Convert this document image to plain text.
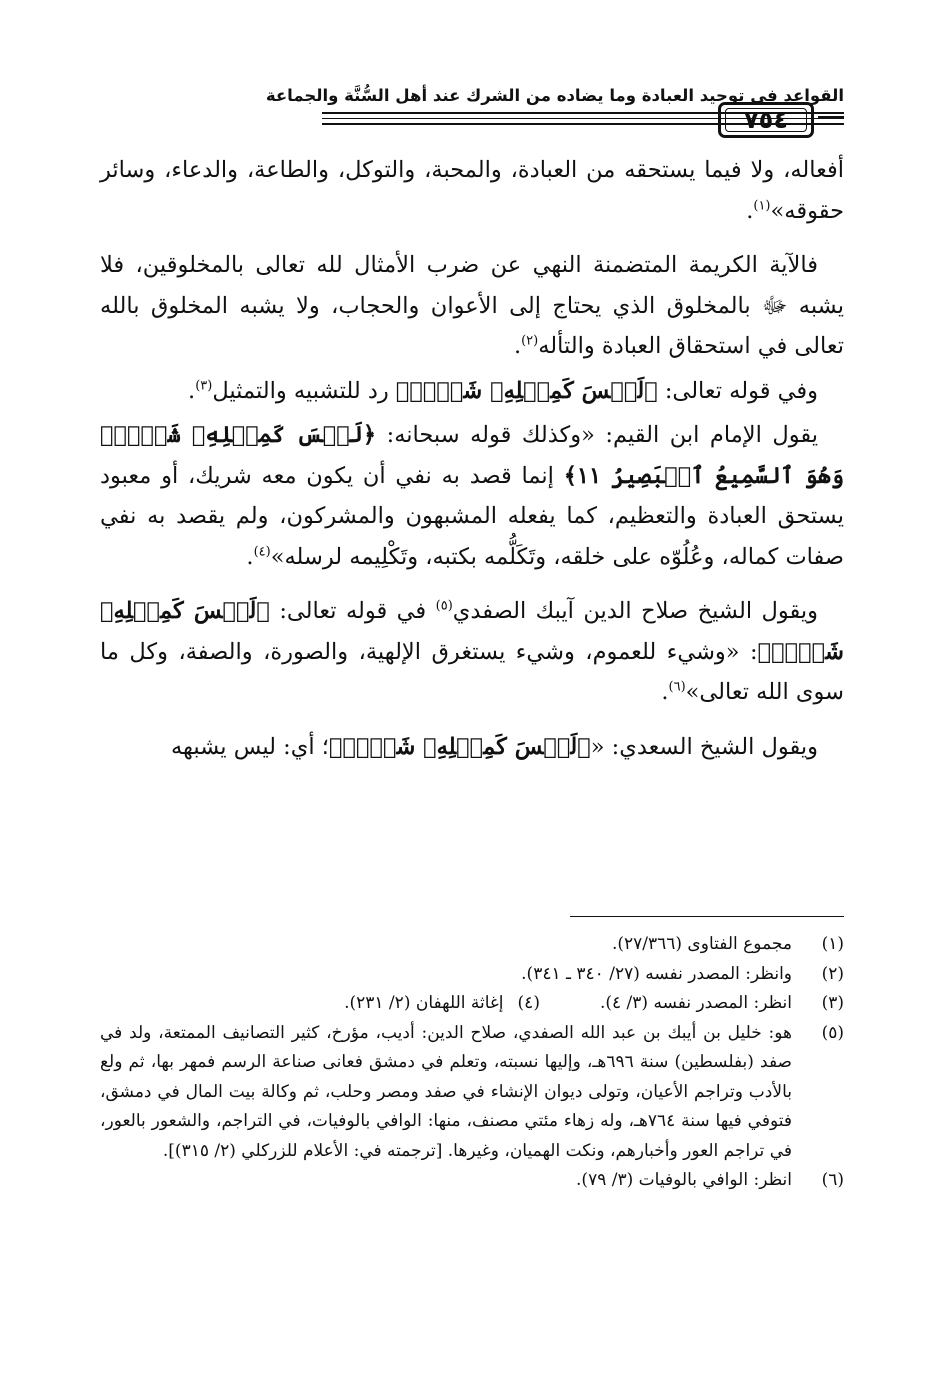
القواعد في توحيد العبادة وما يضاده من الشرك عند أهل السُّنَّة والجماعة
٧٥٤

أفعاله، ولا فيما يستحقه من العبادة، والمحبة، والتوكل، والطاعة، والدعاء، وسائر حقوقه»$^{(١)}$.

فالآية الكريمة المتضمنة النهي عن ضرب الأمثال لله تعالى بالمخلوقين، فلا يشبه ﷻ بالمخلوق الذي يحتاج إلى الأعوان والحجاب، ولا يشبه المخلوق بالله تعالى في استحقاق العبادة والتأله$^{(٢)}$.

وفي قوله تعالى: ﴿لَيۡسَ كَمِثۡلِهِۦ شَيۡءٞ﴾ رد للتشبيه والتمثيل$^{(٣)}$.

يقول الإمام ابن القيم: «وكذلك قوله سبحانه: ﴿لَيۡسَ كَمِثۡلِهِۦ شَيۡءٞۖ وَهُوَ ٱلسَّمِيعُ ٱلۡبَصِيرُ ١١﴾ إنما قصد به نفي أن يكون معه شريك، أو معبود يستحق العبادة والتعظيم، كما يفعله المشبهون والمشركون، ولم يقصد به نفي صفات كماله، وعُلُوّه على خلقه، وتَكَلُّمه بكتبه، وتَكْلِيمه لرسله»$^{(٤)}$.

ويقول الشيخ صلاح الدين آيبك الصفدي$^{(٥)}$ في قوله تعالى: ﴿لَيۡسَ كَمِثۡلِهِۦ شَيۡءٞ﴾: «وشيء للعموم، وشيء يستغرق الإلهية، والصورة، والصفة، وكل ما سوى الله تعالى»$^{(٦)}$.

ويقول الشيخ السعدي: «﴿لَيۡسَ كَمِثۡلِهِۦ شَيۡءٞ﴾؛ أي: ليس يشبهه

(١)
مجموع الفتاوى (٢٧/٣٦٦).
(٢)
وانظر: المصدر نفسه (٢٧/ ٣٤٠ ـ ٣٤١).
(٣)
انظر: المصدر نفسه (٣/ ٤).
(٤)
إغاثة اللهفان (٢/ ٢٣١).
(٥)
هو: خليل بن أيبك بن عبد الله الصفدي، صلاح الدين: أديب، مؤرخ، كثير التصانيف الممتعة، ولد في صفد (بفلسطين) سنة ٦٩٦هـ، وإليها نسبته، وتعلم في دمشق فعانى صناعة الرسم فمهر بها، ثم ولع بالأدب وتراجم الأعيان، وتولى ديوان الإنشاء في صفد ومصر وحلب، ثم وكالة بيت المال في دمشق، فتوفي فيها سنة ٧٦٤هـ، وله زهاء مئتي مصنف، منها: الوافي بالوفيات، في التراجم، والشعور بالعور، في تراجم العور وأخبارهم، ونكت الهميان، وغيرها. [ترجمته في: الأعلام للزركلي (٢/ ٣١٥)].
(٦)
انظر: الوافي بالوفيات (٣/ ٧٩).
